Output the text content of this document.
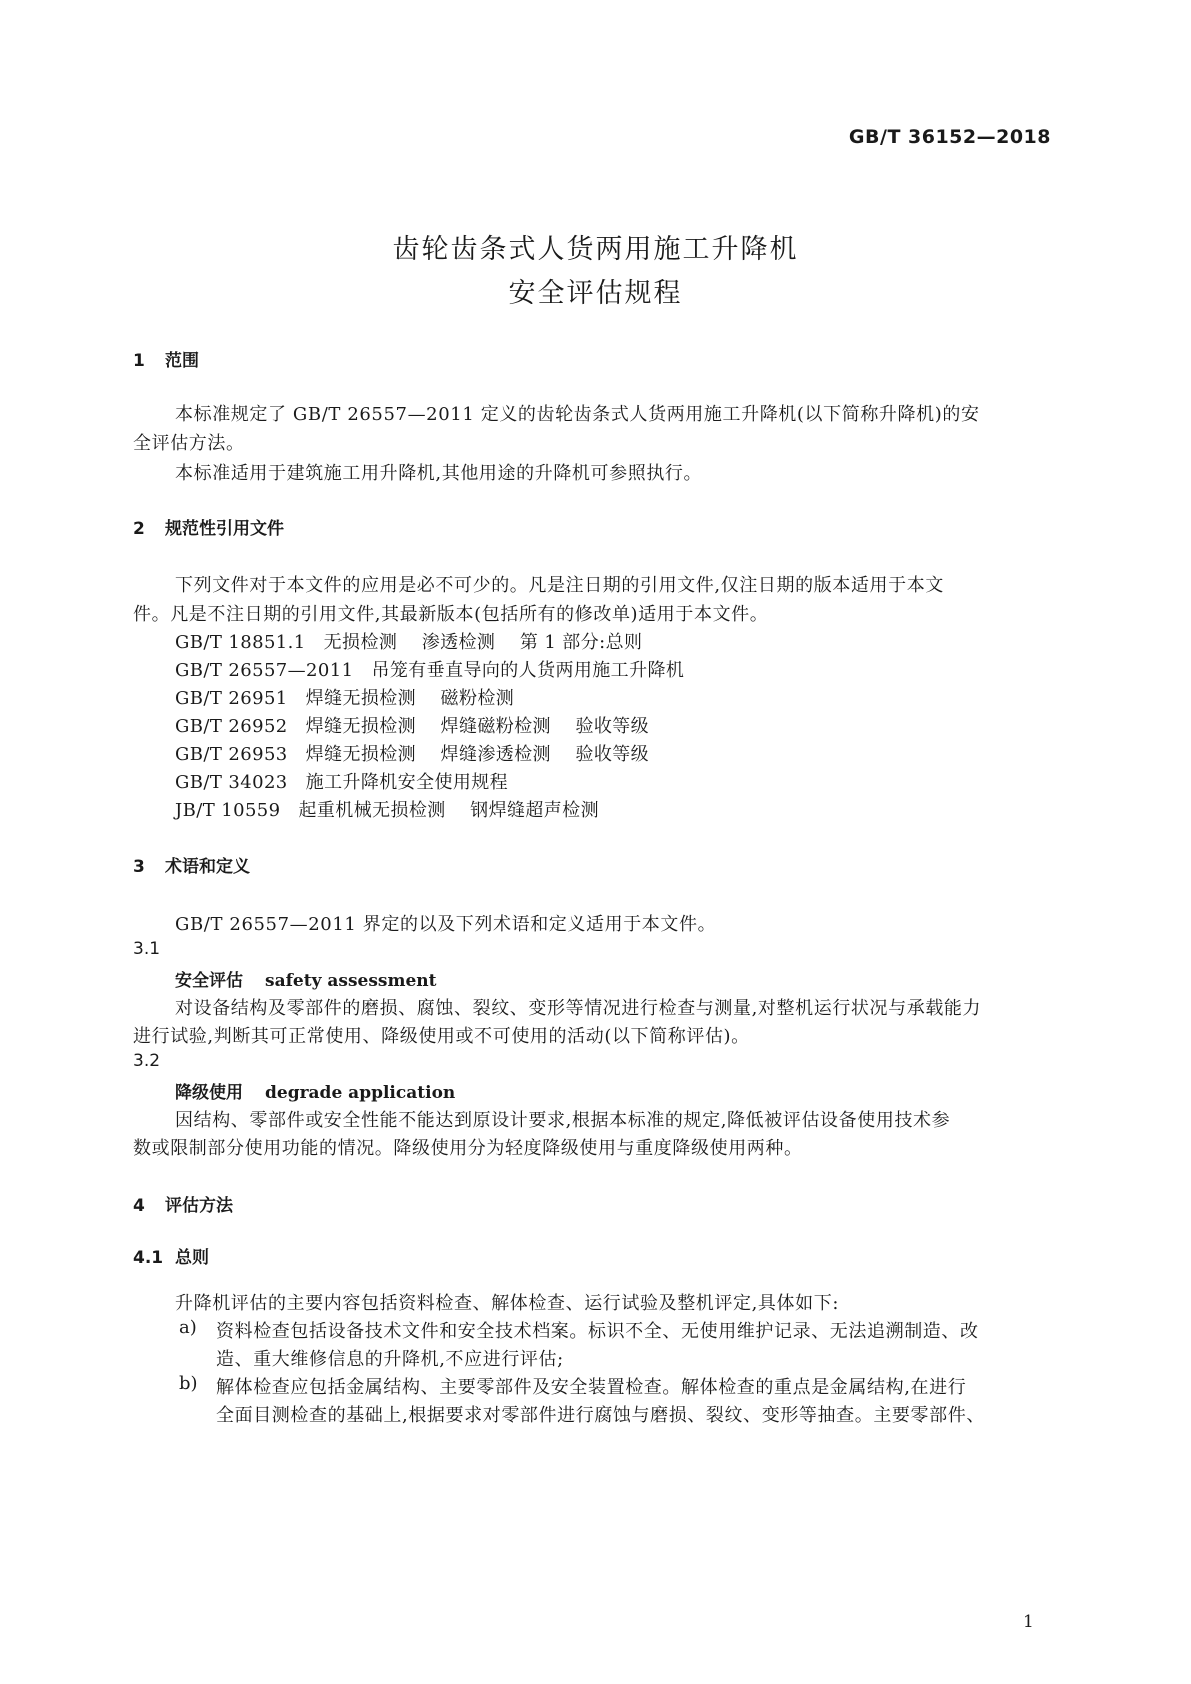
GB/T 36152—2018
齿轮齿条式人货两用施工升降机
安全评估规程
1 范围
本标准规定了 GB/T 26557—2011 定义的齿轮齿条式人货两用施工升降机(以下简称升降机)的安
全评估方法。
本标准适用于建筑施工用升降机,其他用途的升降机可参照执行。
2 规范性引用文件
下列文件对于本文件的应用是必不可少的。凡是注日期的引用文件,仅注日期的版本适用于本文
件。凡是不注日期的引用文件,其最新版本(包括所有的修改单)适用于本文件。
GB/T 18851.1 无损检测    渗透检测    第 1 部分:总则
GB/T 26557—2011 吊笼有垂直导向的人货两用施工升降机
GB/T 26951 焊缝无损检测    磁粉检测
GB/T 26952 焊缝无损检测    焊缝磁粉检测    验收等级
GB/T 26953 焊缝无损检测    焊缝渗透检测    验收等级
GB/T 34023 施工升降机安全使用规程
JB/T 10559 起重机械无损检测    钢焊缝超声检测
3 术语和定义
GB/T 26557—2011 界定的以及下列术语和定义适用于本文件。
3.1
安全评估 safety assessment
对设备结构及零部件的磨损、腐蚀、裂纹、变形等情况进行检查与测量,对整机运行状况与承载能力
进行试验,判断其可正常使用、降级使用或不可使用的活动(以下简称评估)。
3.2
降级使用 degrade application
因结构、零部件或安全性能不能达到原设计要求,根据本标准的规定,降低被评估设备使用技术参
数或限制部分使用功能的情况。降级使用分为轻度降级使用与重度降级使用两种。
4 评估方法
4.1 总则
升降机评估的主要内容包括资料检查、解体检查、运行试验及整机评定,具体如下:
a) 资料检查包括设备技术文件和安全技术档案。标识不全、无使用维护记录、无法追溯制造、改
造、重大维修信息的升降机,不应进行评估;
b) 解体检查应包括金属结构、主要零部件及安全装置检查。解体检查的重点是金属结构,在进行
全面目测检查的基础上,根据要求对零部件进行腐蚀与磨损、裂纹、变形等抽查。主要零部件、
1
